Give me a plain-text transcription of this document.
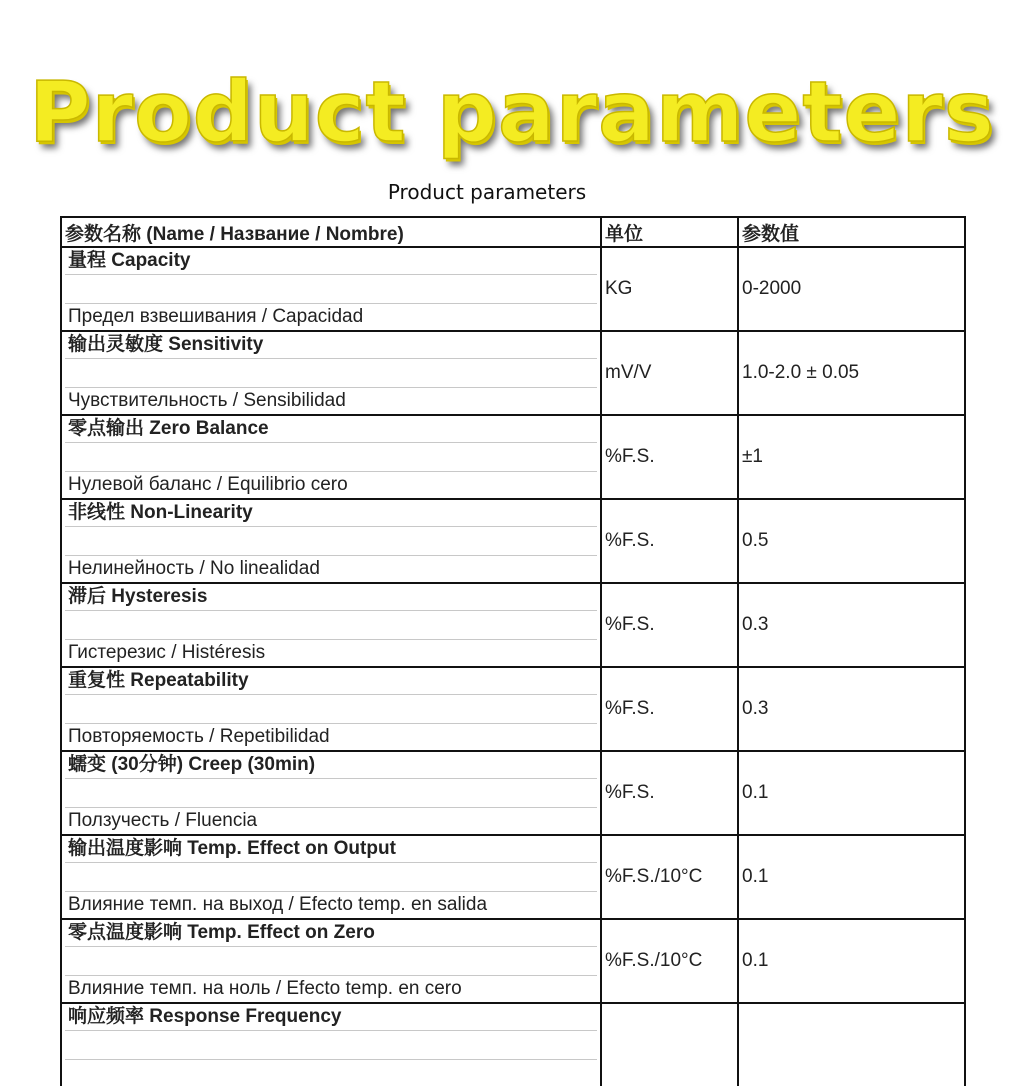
Product parameters
Product parameters
参数名称 (Name / Название / Nombre)	单位	参数值

量程 Capacity
Предел взвешивания / Capacidad	KG	0-2000

输出灵敏度 Sensitivity
Чувствительность / Sensibilidad	mV/V	1.0-2.0 ± 0.05

零点输出 Zero Balance
Нулевой баланс / Equilibrio cero	%F.S.	±1

非线性 Non-Linearity
Нелинейность / No linealidad	%F.S.	0.5

滞后 Hysteresis
Гистерезис / Histéresis	%F.S.	0.3

重复性 Repeatability
Повторяемость / Repetibilidad	%F.S.	0.3

蠕变 (30分钟) Creep (30min)
Ползучесть / Fluencia	%F.S.	0.1

输出温度影响 Temp. Effect on Output
Влияние темп. на выход / Efecto temp. en salida	%F.S./10°C	0.1

零点温度影响 Temp. Effect on Zero
Влияние темп. на ноль / Efecto temp. en cero	%F.S./10°C	0.1

响应频率 Response Frequency		
